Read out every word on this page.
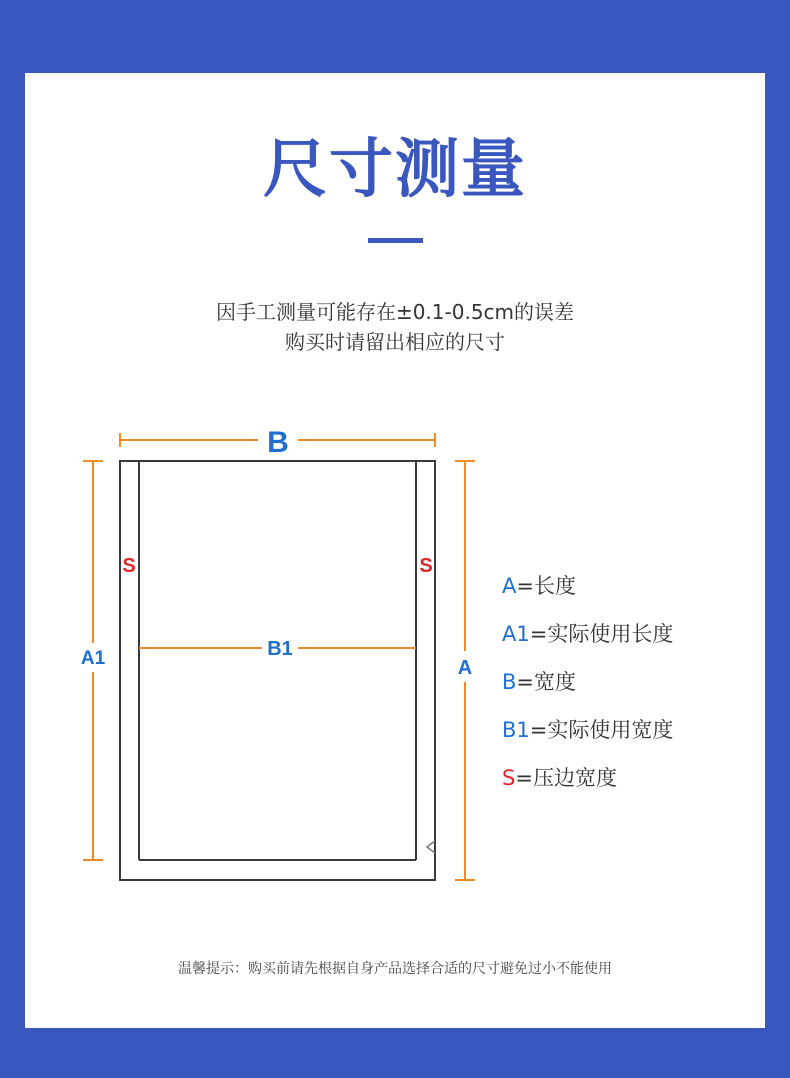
尺寸测量
因手工测量可能存在±0.1-0.5cm的误差
购买时请留出相应的尺寸
B
B1
A1	A
S	S
A=长度
A1=实际使用长度
B=宽度
B1=实际使用宽度
S=压边宽度
温馨提示：购买前请先根据自身产品选择合适的尺寸避免过小不能使用
